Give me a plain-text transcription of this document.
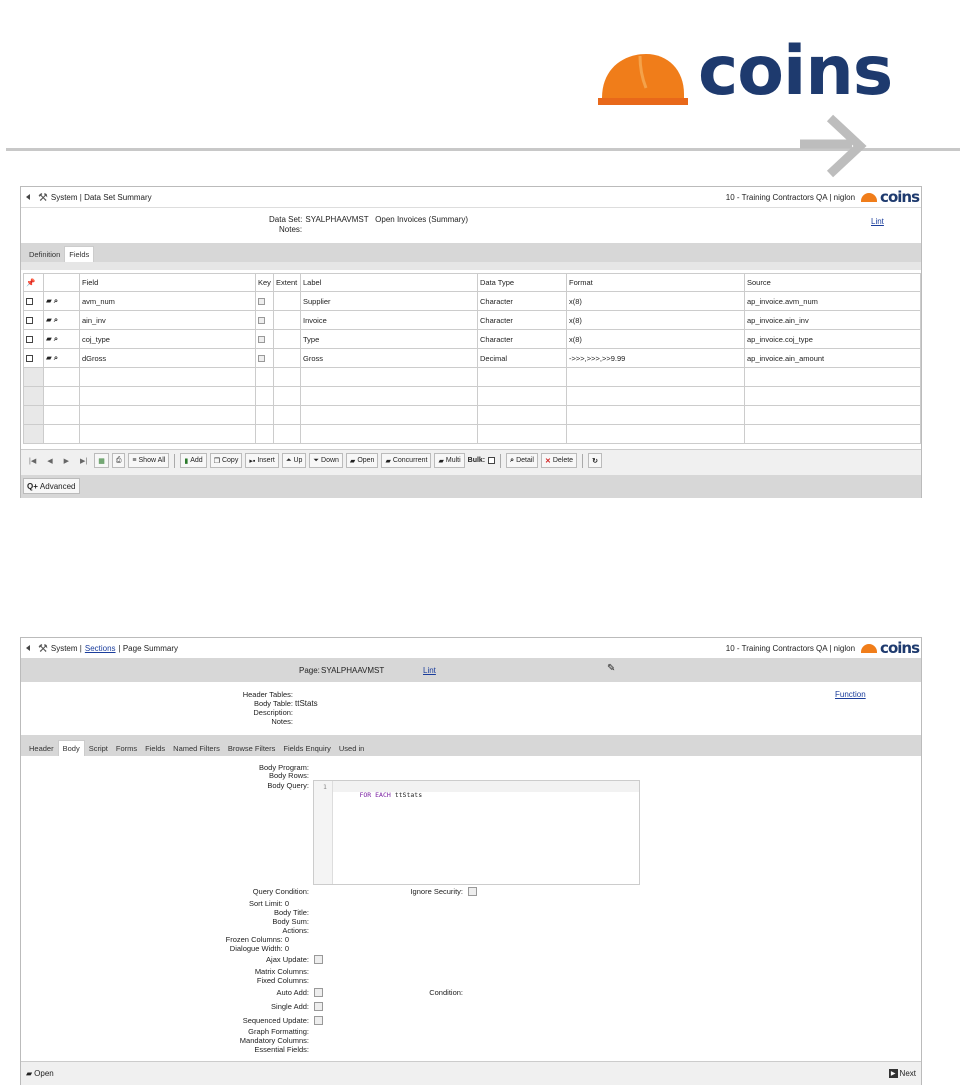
coins
⚒ System | Data Set Summary	10 - Training Contractors QA | niglon coins
Data Set: SYALPHAAVMST   Open Invoices (Summary)
Notes:
Lint
Definition	Fields
📌		Field	Key	Extent	Label	Data Type	Format	Source
	▰ ⌕	avm_num			Supplier	Character	x(8)	ap_invoice.avm_num
	▰ ⌕	ain_inv			Invoice	Character	x(8)	ap_invoice.ain_inv
	▰ ⌕	coj_type			Type	Character	x(8)	ap_invoice.coj_type
	▰ ⌕	dGross			Gross	Decimal	->>>,>>>,>>9.99	ap_invoice.ain_amount

|◀	◀	▶	▶|	▦ ⎙ ≡ Show All	▮ Add ❐ Copy ▸▪ Insert ⏶ Up ⏷ Down ▰ Open ▰ Concurrent ▰ Multi Bulk:	⌕ Detail ✕ Delete	↻
Q+ Advanced
⚒ System | Sections | Page Summary	10 - Training Contractors QA | niglon coins
Page: SYALPHAAVMST	Lint	✎
Header Tables:
Body Table: ttStats
Description:
Notes:
Function
Header	Body	Script	Forms	Fields	Named Filters	Browse Filters	Fields Enquiry	Used in
Body Program:
Body Rows:
Body Query: 1

FOR EACH ttStats

Query Condition:	Ignore Security:
Sort Limit: 0
Body Title:
Body Sum:
Actions:
Frozen Columns: 0
Dialogue Width: 0
Ajax Update:
Matrix Columns:
Fixed Columns:
Auto Add:	Condition:
Single Add:
Sequenced Update:
Graph Formatting:
Mandatory Columns:
Essential Fields:
▰ Open	▶ Next
